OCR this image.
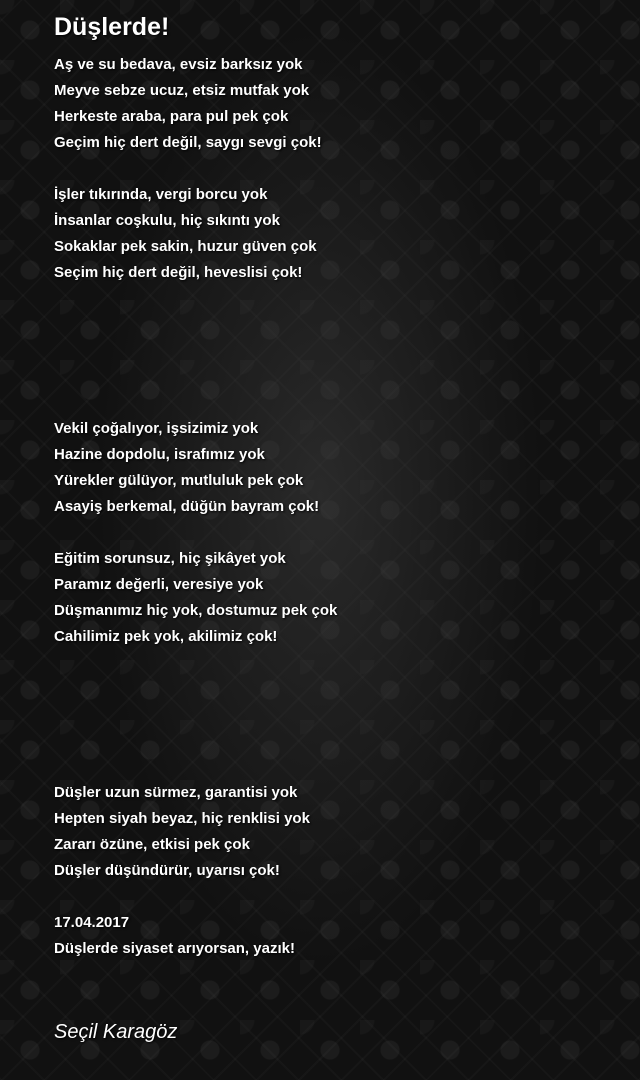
Düşlerde!
Aş ve su bedava, evsiz barksız yok
Meyve sebze ucuz, etsiz mutfak yok
Herkeste araba, para pul pek çok
Geçim hiç dert değil, saygı sevgi çok!
İşler tıkırında, vergi borcu yok
İnsanlar coşkulu, hiç sıkıntı yok
Sokaklar pek sakin, huzur güven çok
Seçim hiç dert değil, heveslisi çok!
Vekil çoğalıyor, işsizimiz yok
Hazine dopdolu, israfımız yok
Yürekler gülüyor, mutluluk pek çok
Asayiş berkemal, düğün bayram çok!
Eğitim sorunsuz, hiç şikâyet yok
Paramız değerli, veresiye yok
Düşmanımız hiç yok, dostumuz pek çok
Cahilimiz pek yok, akilimiz çok!
Düşler uzun sürmez, garantisi yok
Hepten siyah beyaz, hiç renklisi yok
Zararı özüne, etkisi pek çok
Düşler düşündürür, uyarısı çok!
17.04.2017
Düşlerde siyaset arıyorsan, yazık!
Seçil Karagöz
